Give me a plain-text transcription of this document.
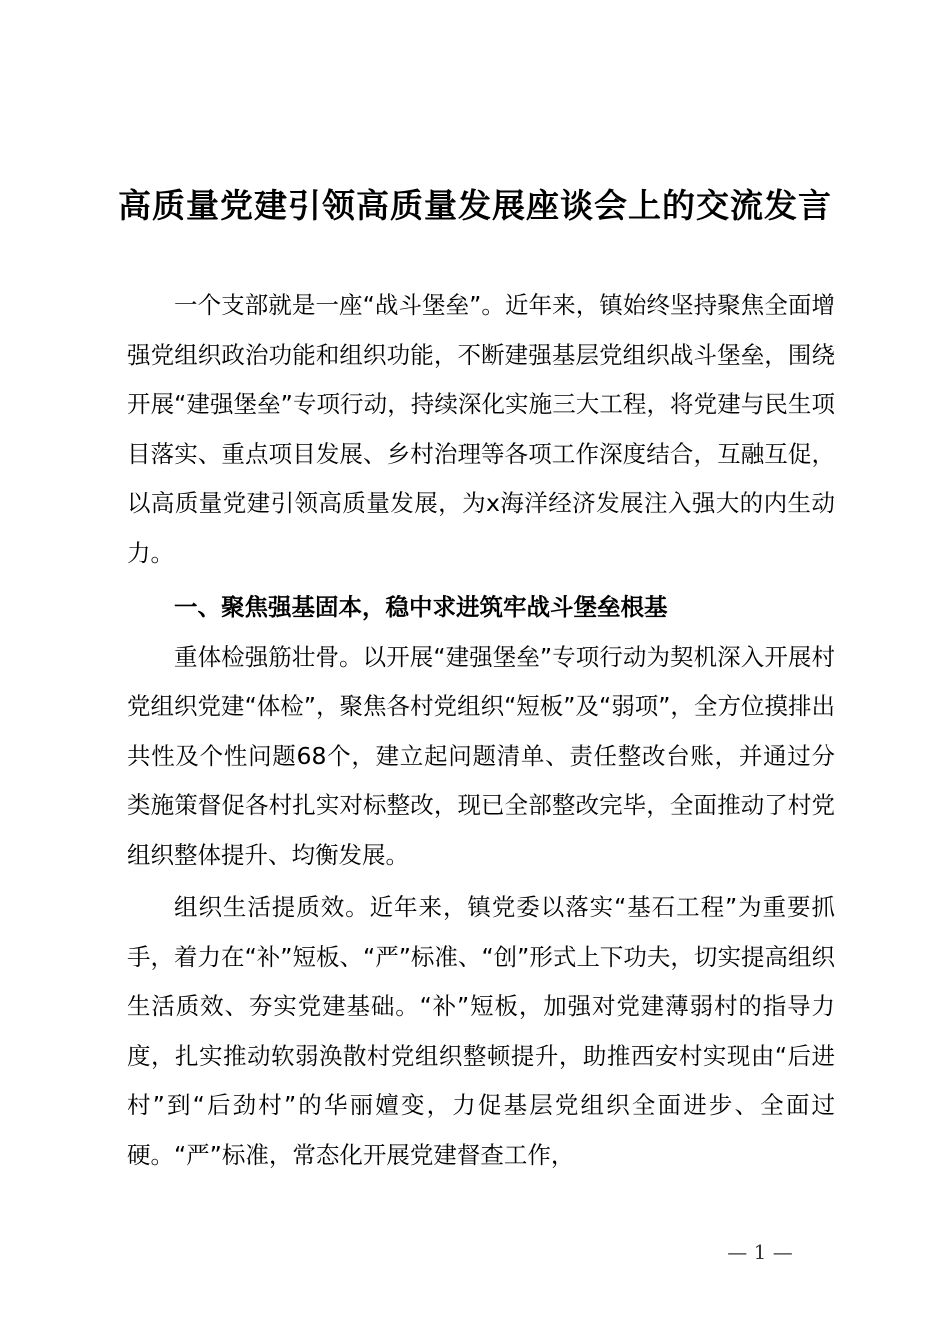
高质量党建引领高质量发展座谈会上的交流发言

一个支部就是一座“战斗堡垒”。近年来，镇始终坚持聚焦全面增强党组织政治功能和组织功能，不断建强基层党组织战斗堡垒，围绕开展“建强堡垒”专项行动，持续深化实施三大工程，将党建与民生项目落实、重点项目发展、乡村治理等各项工作深度结合，互融互促，以高质量党建引领高质量发展，为x海洋经济发展注入强大的内生动力。

一、聚焦强基固本，稳中求进筑牢战斗堡垒根基

重体检强筋壮骨。以开展“建强堡垒”专项行动为契机深入开展村党组织党建“体检”，聚焦各村党组织“短板”及“弱项”，全方位摸排出共性及个性问题68个，建立起问题清单、责任整改台账，并通过分类施策督促各村扎实对标整改，现已全部整改完毕，全面推动了村党组织整体提升、均衡发展。

组织生活提质效。近年来，镇党委以落实“基石工程”为重要抓手，着力在“补”短板、“严”标准、“创”形式上下功夫，切实提高组织生活质效、夯实党建基础。“补”短板，加强对党建薄弱村的指导力度，扎实推动软弱涣散村党组织整顿提升，助推西安村实现由“后进村”到“后劲村”的华丽嬗变，力促基层党组织全面进步、全面过硬。“严”标准，常态化开展党建督查工作，

— 1 —
